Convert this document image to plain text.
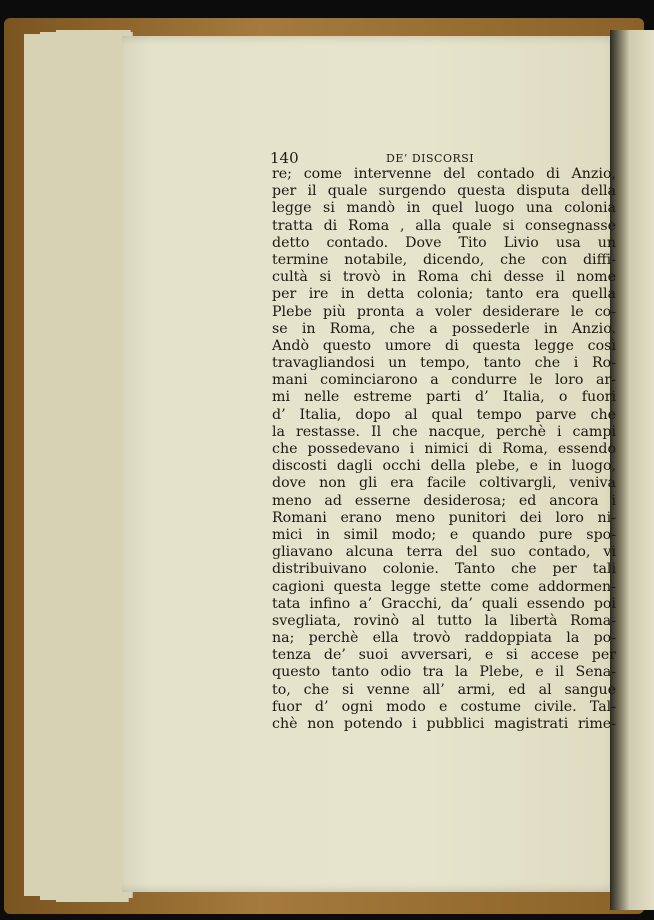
140	DE’ DISCORSI
re; come intervenne del contado di Anzio,
per il quale surgendo questa disputa della
legge si mandò in quel luogo una colonia
tratta di Roma , alla quale si consegnasse
detto contado. Dove Tito Livio usa un
termine notabile, dicendo, che con diffi-
cultà si trovò in Roma chi desse il nome
per ire in detta colonia; tanto era quella
Plebe più pronta a voler desiderare le co-
se in Roma, che a possederle in Anzio.
Andò questo umore di questa legge così
travagliandosi un tempo, tanto che i Ro-
mani cominciarono a condurre le loro ar-
mi nelle estreme parti d’ Italia, o fuori
d’ Italia, dopo al qual tempo parve che
la restasse. Il che nacque, perchè i campi
che possedevano i nimici di Roma, essendo
discosti dagli occhi della plebe, e in luogo,
dove non gli era facile coltivargli, veniva
meno ad esserne desiderosa; ed ancora i
Romani erano meno punitori dei loro ni-
mici in simil modo; e quando pure spo-
gliavano alcuna terra del suo contado, vi
distribuivano colonie. Tanto che per tali
cagioni questa legge stette come addormen-
tata infino a’ Gracchi, da’ quali essendo poi
svegliata, rovinò al tutto la libertà Roma-
na; perchè ella trovò raddoppiata la po-
tenza de’ suoi avversari, e si accese per
questo tanto odio tra la Plebe, e il Sena-
to, che si venne all’ armi, ed al sangue
fuor d’ ogni modo e costume civile. Tal-
chè non potendo i pubblici magistrati rime-
